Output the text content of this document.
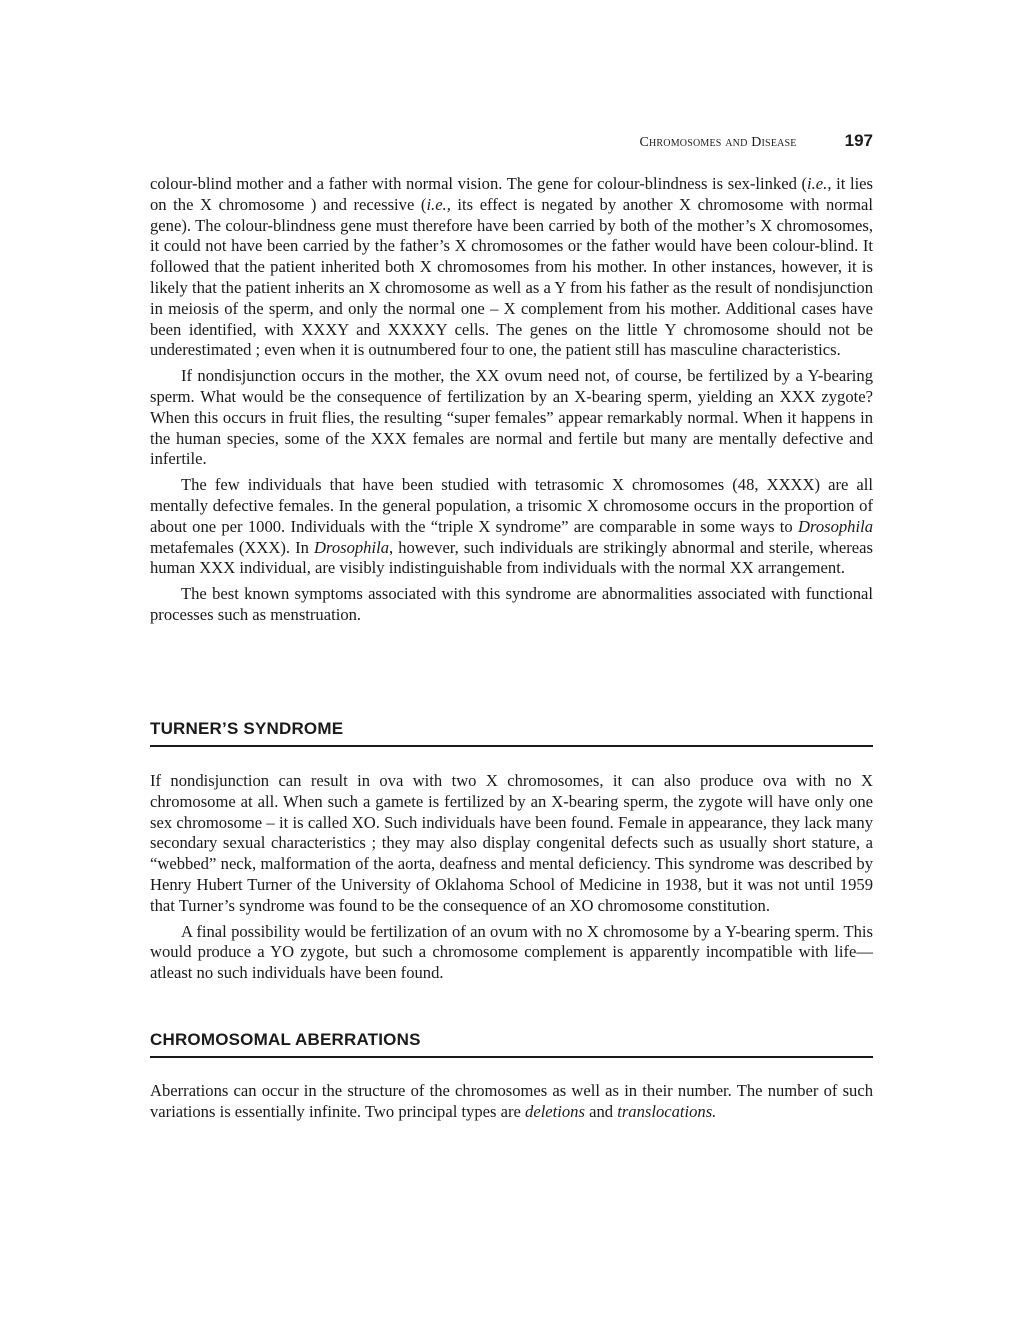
Chromosomes and Disease	197

colour-blind mother and a father with normal vision. The gene for colour-blindness is sex-linked (i.e., it lies on the X chromosome ) and recessive (i.e., its effect is negated by another X chromosome with normal gene). The colour-blindness gene must therefore have been carried by both of the mother’s X chromosomes, it could not have been carried by the father’s X chromosomes or the father would have been colour-blind. It followed that the patient inherited both X chromosomes from his mother. In other instances, however, it is likely that the patient inherits an X chromosome as well as a Y from his father as the result of nondisjunction in meiosis of the sperm, and only the normal one – X complement from his mother. Additional cases have been identified, with XXXY and XXXXY cells. The genes on the little Y chromosome should not be underestimated ; even when it is outnumbered four to one, the patient still has masculine characteristics.

If nondisjunction occurs in the mother, the XX ovum need not, of course, be fertilized by a Y-bearing sperm. What would be the consequence of fertilization by an X-bearing sperm, yielding an XXX zygote? When this occurs in fruit flies, the resulting “super females” appear remarkably normal. When it happens in the human species, some of the XXX females are normal and fertile but many are mentally defective and infertile.

The few individuals that have been studied with tetrasomic X chromosomes (48, XXXX) are all mentally defective females. In the general population, a trisomic X chromosome occurs in the proportion of about one per 1000. Individuals with the “triple X syndrome” are comparable in some ways to Drosophila metafemales (XXX). In Drosophila, however, such individuals are strikingly abnormal and sterile, whereas human XXX individual, are visibly indistinguishable from individuals with the normal XX arrangement.

The best known symptoms associated with this syndrome are abnormalities associated with functional processes such as menstruation.

TURNER’S SYNDROME

If nondisjunction can result in ova with two X chromosomes, it can also produce ova with no X chromosome at all. When such a gamete is fertilized by an X-bearing sperm, the zygote will have only one sex chromosome – it is called XO. Such individuals have been found. Female in appearance, they lack many secondary sexual characteristics ; they may also display congenital defects such as usually short stature, a “webbed” neck, malformation of the aorta, deafness and mental deficiency. This syndrome was described by Henry Hubert Turner of the University of Oklahoma School of Medicine in 1938, but it was not until 1959 that Turner’s syndrome was found to be the consequence of an XO chromosome constitution.

A final possibility would be fertilization of an ovum with no X chromosome by a Y-bearing sperm. This would produce a YO zygote, but such a chromosome complement is apparently incompatible with life—atleast no such individuals have been found.

CHROMOSOMAL ABERRATIONS

Aberrations can occur in the structure of the chromosomes as well as in their number. The number of such variations is essentially infinite. Two principal types are deletions and translocations.
